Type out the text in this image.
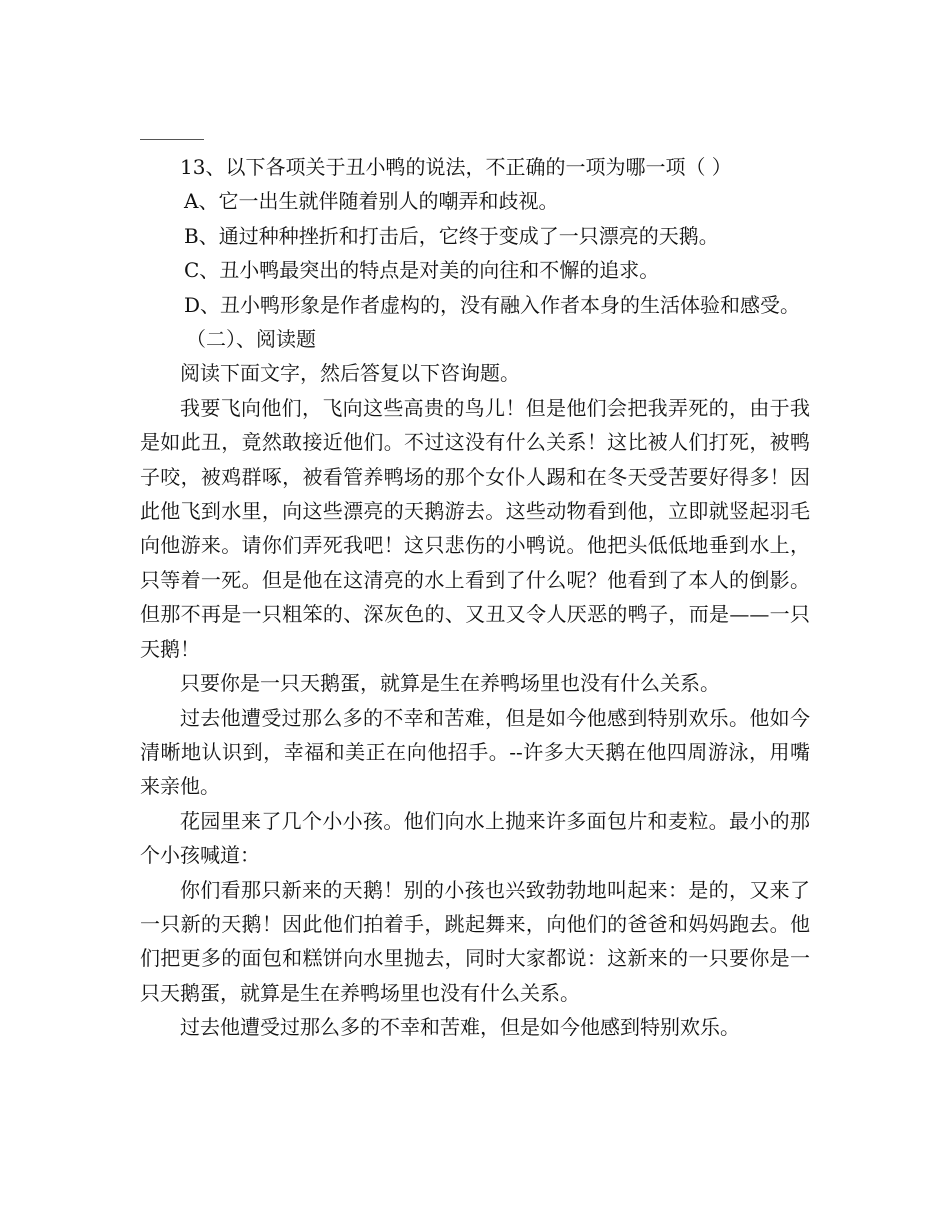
13、以下各项关于丑小鸭的说法，不正确的一项为哪一项（ ）

A、它一出生就伴随着别人的嘲弄和歧视。

B、通过种种挫折和打击后，它终于变成了一只漂亮的天鹅。

C、丑小鸭最突出的特点是对美的向往和不懈的追求。

D、丑小鸭形象是作者虚构的，没有融入作者本身的生活体验和感受。

（二）、阅读题

阅读下面文字，然后答复以下咨询题。

我要飞向他们，飞向这些高贵的鸟儿！但是他们会把我弄死的，由于我是如此丑，竟然敢接近他们。不过这没有什么关系！这比被人们打死，被鸭子咬，被鸡群啄，被看管养鸭场的那个女仆人踢和在冬天受苦要好得多！因此他飞到水里，向这些漂亮的天鹅游去。这些动物看到他，立即就竖起羽毛向他游来。请你们弄死我吧！这只悲伤的小鸭说。他把头低低地垂到水上，只等着一死。但是他在这清亮的水上看到了什么呢？他看到了本人的倒影。但那不再是一只粗笨的、深灰色的、又丑又令人厌恶的鸭子，而是——一只天鹅！

只要你是一只天鹅蛋，就算是生在养鸭场里也没有什么关系。

过去他遭受过那么多的不幸和苦难，但是如今他感到特别欢乐。他如今清晰地认识到，幸福和美正在向他招手。--许多大天鹅在他四周游泳，用嘴来亲他。

花园里来了几个小小孩。他们向水上抛来许多面包片和麦粒。最小的那个小孩喊道：

你们看那只新来的天鹅！别的小孩也兴致勃勃地叫起来：是的，又来了一只新的天鹅！因此他们拍着手，跳起舞来，向他们的爸爸和妈妈跑去。他们把更多的面包和糕饼向水里抛去，同时大家都说：这新来的一只要你是一只天鹅蛋，就算是生在养鸭场里也没有什么关系。

过去他遭受过那么多的不幸和苦难，但是如今他感到特别欢乐。
